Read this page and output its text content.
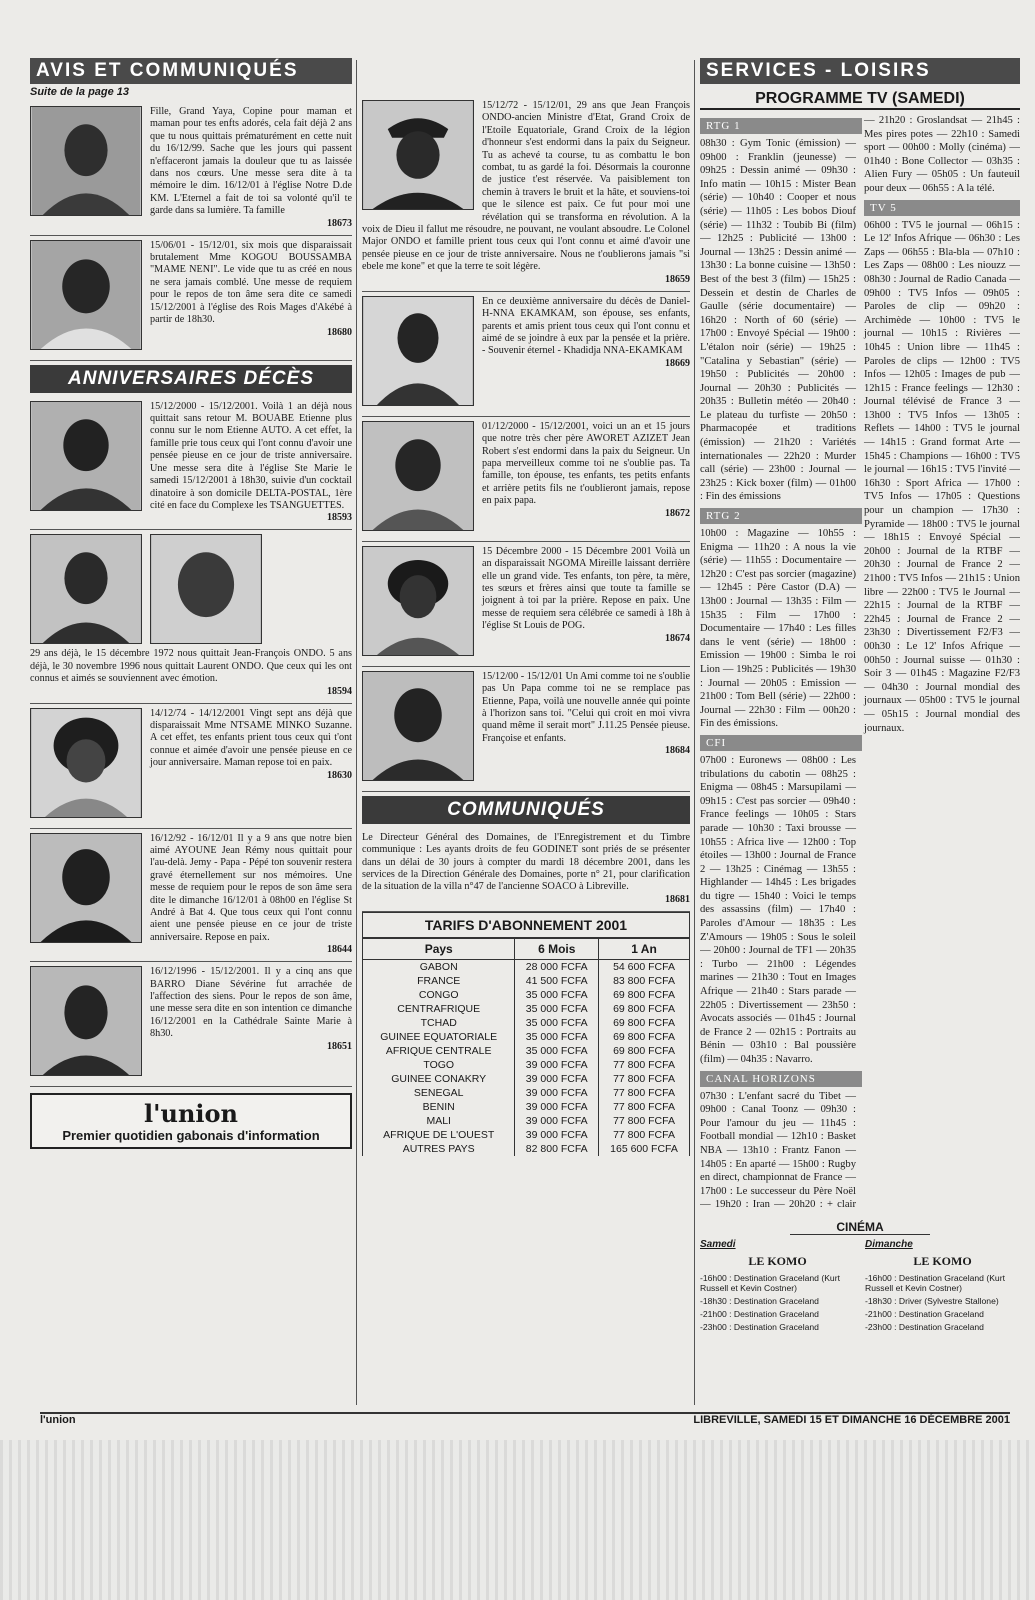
AVIS ET COMMUNIQUÉS
Suite de la page 13
Fille, Grand Yaya, Copine pour maman et maman pour tes enfts adorés, cela fait déjà 2 ans que tu nous quittais prématurément en cette nuit du 16/12/99. Sache que les jours qui passent n'effaceront jamais la douleur que tu as laissée dans nos cœurs. Une messe sera dite à ta mémoire le dim. 16/12/01 à l'église Notre D.de KM. L'Eternel a fait de toi sa volonté qu'il te garde dans sa lumière. Ta famille
18673
15/06/01 - 15/12/01, six mois que disparaissait brutalement Mme KOGOU BOUSSAMBA "MAME NENI". Le vide que tu as créé en nous ne sera jamais comblé. Une messe de requiem pour le repos de ton âme sera dite ce samedi 15/12/2001 à l'église des Rois Mages d'Akébé à partir de 18h30.
18680
ANNIVERSAIRES DÉCÈS
15/12/2000 - 15/12/2001. Voilà 1 an déjà nous quittait sans retour M. BOUABE Etienne plus connu sur le nom Etienne AUTO. A cet effet, la famille prie tous ceux qui l'ont connu d'avoir une pensée pieuse en ce jour de triste anniversaire. Une messe sera dite à l'église Ste Marie le samedi 15/12/2001 à 18h30, suivie d'un cocktail dinatoire à son domicile DELTA-POSTAL, 1ère cité en face du Complexe les TSANGUETTES.
18593
29 ans déjà, le 15 décembre 1972 nous quittait Jean-François ONDO. 5 ans déjà, le 30 novembre 1996 nous quittait Laurent ONDO. Que ceux qui les ont connus et aimés se souviennent avec émotion.
18594
14/12/74 - 14/12/2001 Vingt sept ans déjà que disparaissait Mme NTSAME MINKO Suzanne. A cet effet, tes enfants prient tous ceux qui t'ont connue et aimée d'avoir une pensée pieuse en ce jour anniversaire. Maman repose toi en paix.
18630
16/12/92 - 16/12/01 Il y a 9 ans que notre bien aimé AYOUNE Jean Rémy nous quittait pour l'au-delà. Jemy - Papa - Pépé ton souvenir restera gravé éternellement sur nos mémoires. Une messe de requiem pour le repos de son âme sera dite le dimanche 16/12/01 à 08h00 en l'église St André à Bat 4. Que tous ceux qui l'ont connu aient une pensée pieuse en ce jour de triste anniversaire. Repose en paix.
18644
16/12/1996 - 15/12/2001. Il y a cinq ans que BARRO Diane Sévérine fut arrachée de l'affection des siens. Pour le repos de son âme, une messe sera dite en son intention ce dimanche 16/12/2001 en la Cathédrale Sainte Marie à 8h30.
18651
l'union
Premier quotidien gabonais d'information
15/12/72 - 15/12/01, 29 ans que Jean François ONDO-ancien Ministre d'Etat, Grand Croix de l'Etoile Equatoriale, Grand Croix de la légion d'honneur s'est endormi dans la paix du Seigneur. Tu as achevé ta course, tu as combattu le bon combat, tu as gardé la foi. Désormais la couronne de justice t'est réservée. Va paisiblement ton chemin à travers le bruit et la hâte, et souviens-toi que le silence est paix. Ce fut pour moi une révélation qui se transforma en révolution. A la voix de Dieu il fallut me résoudre, ne pouvant, ne voulant absoudre. Le Colonel Major ONDO et famille prient tous ceux qui l'ont connu et aimé d'avoir une pensée pieuse en ce jour de triste anniversaire. Nous ne t'oublierons jamais "si ebele me kone" et que la terre te soit légère.
18659
En ce deuxième anniversaire du décès de Daniel-H-NNA EKAMKAM, son épouse, ses enfants, parents et amis prient tous ceux qui l'ont connu et aimé de se joindre à eux par la pensée et la prière. - Souvenir éternel - Khadidja NNA-EKAMKAM
18669
01/12/2000 - 15/12/2001, voici un an et 15 jours que notre très cher père AWORET AZIZET Jean Robert s'est endormi dans la paix du Seigneur. Un papa merveilleux comme toi ne s'oublie pas. Ta famille, ton épouse, tes enfants, tes petits enfants et arrière petits fils ne t'oublieront jamais, repose en paix papa.
18672
15 Décembre 2000 - 15 Décembre 2001 Voilà un an disparaissait NGOMA Mireille laissant derrière elle un grand vide. Tes enfants, ton père, ta mère, tes sœurs et frères ainsi que toute ta famille se joignent à toi par la prière. Repose en paix. Une messe de requiem sera célébrée ce samedi à 18h à l'église St Louis de POG.
18674
15/12/00 - 15/12/01 Un Ami comme toi ne s'oublie pas Un Papa comme toi ne se remplace pas Etienne, Papa, voilà une nouvelle année qui pointe à l'horizon sans toi. "Celui qui croit en moi vivra quand même il serait mort" J.11.25 Pensée pieuse. Françoise et enfants.
18684
COMMUNIQUÉS
Le Directeur Général des Domaines, de l'Enregistrement et du Timbre communique : Les ayants droits de feu GODINET sont priés de se présenter dans un délai de 30 jours à compter du mardi 18 décembre 2001, dans les services de la Direction Générale des Domaines, porte n° 21, pour clarification de la situation de la villa n°47 de l'ancienne SOACO à Libreville.
18681
TARIFS D'ABONNEMENT 2001
Pays	6 Mois	1 An
GABON	28 000 FCFA	54 600 FCFA
FRANCE	41 500 FCFA	83 800 FCFA
CONGO	35 000 FCFA	69 800 FCFA
CENTRAFRIQUE	35 000 FCFA	69 800 FCFA
TCHAD	35 000 FCFA	69 800 FCFA
GUINEE EQUATORIALE	35 000 FCFA	69 800 FCFA
AFRIQUE CENTRALE	35 000 FCFA	69 800 FCFA
TOGO	39 000 FCFA	77 800 FCFA
GUINEE CONAKRY	39 000 FCFA	77 800 FCFA
SENEGAL	39 000 FCFA	77 800 FCFA
BENIN	39 000 FCFA	77 800 FCFA
MALI	39 000 FCFA	77 800 FCFA
AFRIQUE DE L'OUEST	39 000 FCFA	77 800 FCFA
AUTRES PAYS	82 800 FCFA	165 600 FCFA
SERVICES - LOISIRS
PROGRAMME TV (SAMEDI)
RTG 1
08h30 : Gym Tonic (émission) — 09h00 : Franklin (jeunesse) — 09h25 : Dessin animé — 09h30 : Info matin — 10h15 : Mister Bean (série) — 10h40 : Cooper et nous (série) — 11h05 : Les bobos Diouf (série) — 11h32 : Toubib Bi (film) — 12h25 : Publicité — 13h00 : Journal — 13h25 : Dessin animé — 13h30 : La bonne cuisine — 13h50 : Best of the best 3 (film) — 15h25 : Dessein et destin de Charles de Gaulle (série documentaire) — 16h20 : North of 60 (série) — 17h00 : Envoyé Spécial — 19h00 : L'étalon noir (série) — 19h25 : "Catalina y Sebastian" (série) — 19h50 : Publicités — 20h00 : Journal — 20h30 : Publicités — 20h35 : Bulletin météo — 20h40 : Le plateau du turfiste — 20h50 : Pharmacopée et traditions (émission) — 21h20 : Variétés internationales — 22h20 : Murder call (série) — 23h00 : Journal — 23h25 : Kick boxer (film) — 01h00 : Fin des émissions
RTG 2
10h00 : Magazine — 10h55 : Enigma — 11h20 : A nous la vie (série) — 11h55 : Documentaire — 12h20 : C'est pas sorcier (magazine) — 12h45 : Père Castor (D.A) — 13h00 : Journal — 13h35 : Film — 15h35 : Film — 17h00 : Documentaire — 17h40 : Les filles dans le vent (série) — 18h00 : Emission — 19h00 : Simba le roi Lion — 19h25 : Publicités — 19h30 : Journal — 20h05 : Emission — 21h00 : Tom Bell (série) — 22h00 : Journal — 22h30 : Film — 00h20 : Fin des émissions.
CFI
07h00 : Euronews — 08h00 : Les tribulations du cabotin — 08h25 : Enigma — 08h45 : Marsupilami — 09h15 : C'est pas sorcier — 09h40 : France feelings — 10h05 : Stars parade — 10h30 : Taxi brousse — 10h55 : Africa live — 12h00 : Top étoiles — 13h00 : Journal de France 2 — 13h25 : Cinémag — 13h55 : Highlander — 14h45 : Les brigades du tigre — 15h40 : Voici le temps des assassins (film) — 17h40 : Paroles d'Amour — 18h35 : Les Z'Amours — 19h05 : Sous le soleil — 20h00 : Journal de TF1 — 20h35 : Turbo — 21h00 : Légendes marines — 21h30 : Tout en Images Afrique — 21h40 : Stars parade — 22h05 : Divertissement — 23h50 : Avocats associés — 01h45 : Journal de France 2 — 02h15 : Portraits au Bénin — 03h10 : Bal poussière (film) — 04h35 : Navarro.
CANAL HORIZONS
07h30 : L'enfant sacré du Tibet — 09h00 : Canal Toonz — 09h30 : Pour l'amour du jeu — 11h45 : Football mondial — 12h10 : Basket NBA — 13h10 : Frantz Fanon — 14h05 : En aparté — 15h00 : Rugby en direct, championnat de France — 17h00 : Le successeur du Père Noël — 19h20 : Iran — 20h20 : + clair — 21h20 : Groslandsat — 21h45 : Mes pires potes — 22h10 : Samedi sport — 00h00 : Molly (cinéma) — 01h40 : Bone Collector — 03h35 : Alien Fury — 05h05 : Un fauteuil pour deux — 06h55 : A la télé.
TV 5
06h00 : TV5 le journal — 06h15 : Le 12' Infos Afrique — 06h30 : Les Zaps — 06h55 : Bla-bla — 07h10 : Les Zaps — 08h00 : Les niouzz — 08h30 : Journal de Radio Canada — 09h00 : TV5 Infos — 09h05 : Paroles de clip — 09h20 : Archimède — 10h00 : TV5 le journal — 10h15 : Rivières — 10h45 : Union libre — 11h45 : Paroles de clips — 12h00 : TV5 Infos — 12h05 : Images de pub — 12h15 : France feelings — 12h30 : Journal télévisé de France 3 — 13h00 : TV5 Infos — 13h05 : Reflets — 14h00 : TV5 le journal — 14h15 : Grand format Arte — 15h45 : Champions — 16h00 : TV5 le journal — 16h15 : TV5 l'invité — 16h30 : Sport Africa — 17h00 : TV5 Infos — 17h05 : Questions pour un champion — 17h30 : Pyramide — 18h00 : TV5 le journal — 18h15 : Envoyé Spécial — 20h00 : Journal de la RTBF — 20h30 : Journal de France 2 — 21h00 : TV5 Infos — 21h15 : Union libre — 22h00 : TV5 le Journal — 22h15 : Journal de la RTBF — 22h45 : Journal de France 2 — 23h30 : Divertissement F2/F3 — 00h30 : Le 12' Infos Afrique — 00h50 : Journal suisse — 01h30 : Soir 3 — 01h45 : Magazine F2/F3 — 04h30 : Journal mondial des journaux — 05h00 : TV5 le journal — 05h15 : Journal mondial des journaux.
CINÉMA
Samedi
LE KOMO
-16h00 : Destination Graceland (Kurt Russell et Kevin Costner)
-18h30 : Destination Graceland
-21h00 : Destination Graceland
-23h00 : Destination Graceland
Dimanche
LE KOMO
-16h00 : Destination Graceland (Kurt Russell et Kevin Costner)
-18h30 : Driver (Sylvestre Stallone)
-21h00 : Destination Graceland
-23h00 : Destination Graceland
l'union	LIBREVILLE, SAMEDI 15 ET DIMANCHE 16 DÉCEMBRE 2001
